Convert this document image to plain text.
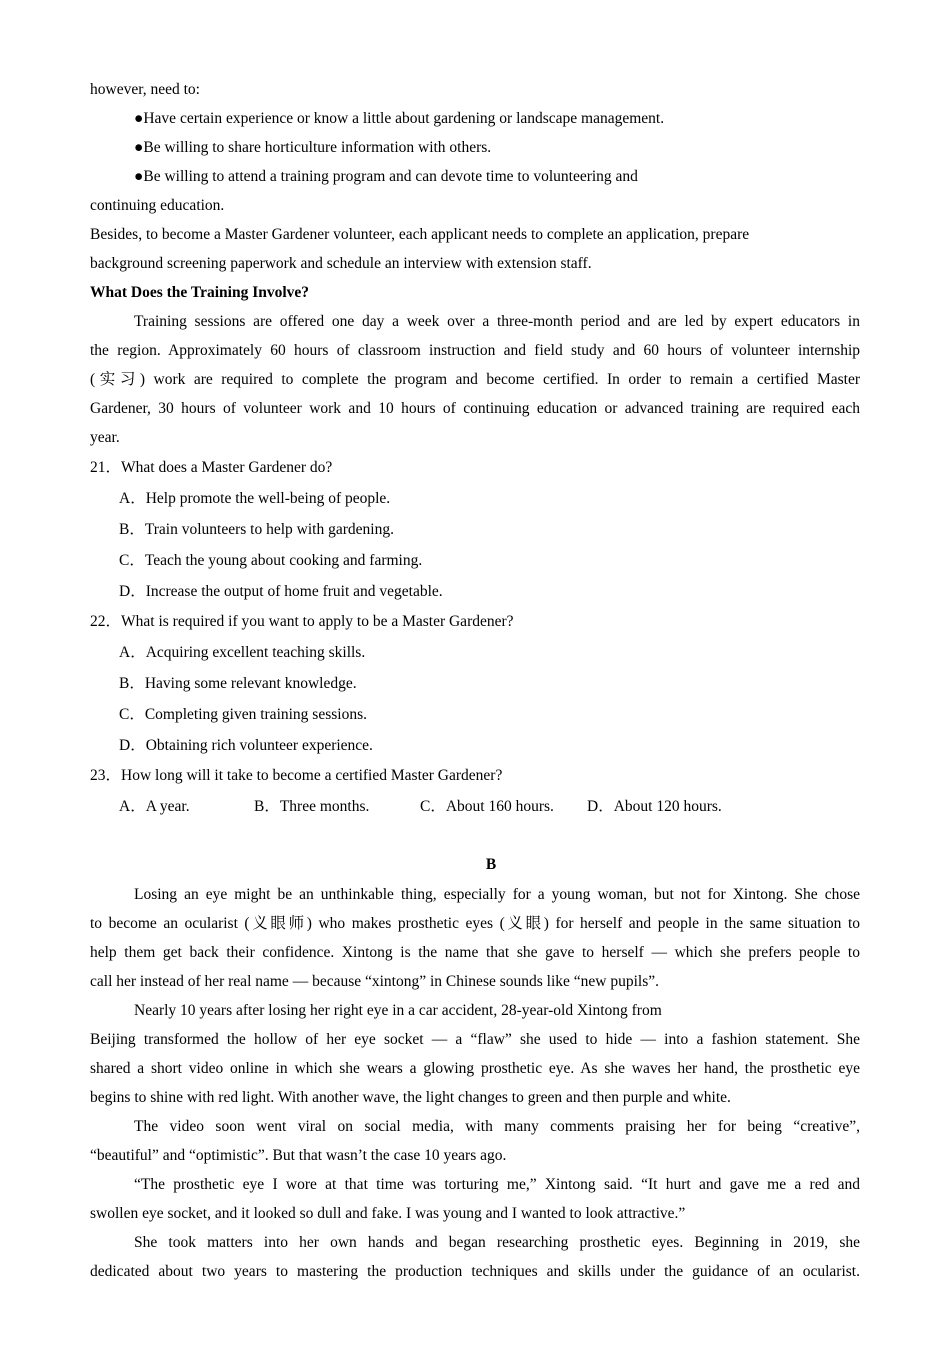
however, need to:
●Have certain experience or know a little about gardening or landscape management.
●Be willing to share horticulture information with others.
●Be willing to attend a training program and can devote time to volunteering and
continuing education.
Besides, to become a Master Gardener volunteer, each applicant needs to complete an application, prepare
background screening paperwork and schedule an interview with extension staff.
What Does the Training Involve?
Training sessions are offered one day a week over a three-month period and are led by expert educators in
the region. Approximately 60 hours of classroom instruction and field study and 60 hours of volunteer internship
(实习) work are required to complete the program and become certified. In order to remain a certified Master
Gardener, 30 hours of volunteer work and 10 hours of continuing education or advanced training are required each
year.
21．What does a Master Gardener do?
A．Help promote the well-being of people.
B．Train volunteers to help with gardening.
C．Teach the young about cooking and farming.
D．Increase the output of home fruit and vegetable.
22．What is required if you want to apply to be a Master Gardener?
A．Acquiring excellent teaching skills.
B．Having some relevant knowledge.
C．Completing given training sessions.
D．Obtaining rich volunteer experience.
23．How long will it take to become a certified Master Gardener?
A．A year.	B．Three months.	C．About 160 hours. D．About 120 hours.
B
Losing an eye might be an unthinkable thing, especially for a young woman, but not for Xintong. She chose
to become an ocularist (义眼师) who makes prosthetic eyes (义眼) for herself and people in the same situation to
help them get back their confidence. Xintong is the name that she gave to herself — which she prefers people to
call her instead of her real name — because “xintong” in Chinese sounds like “new pupils”.
Nearly 10 years after losing her right eye in a car accident, 28-year-old Xintong from
Beijing transformed the hollow of her eye socket — a “flaw” she used to hide — into a fashion statement. She
shared a short video online in which she wears a glowing prosthetic eye. As she waves her hand, the prosthetic eye
begins to shine with red light. With another wave, the light changes to green and then purple and white.
The video soon went viral on social media, with many comments praising her for being “creative”,
“beautiful” and “optimistic”. But that wasn’t the case 10 years ago.
“The prosthetic eye I wore at that time was torturing me,” Xintong said. “It hurt and gave me a red and
swollen eye socket, and it looked so dull and fake. I was young and I wanted to look attractive.”
She took matters into her own hands and began researching prosthetic eyes. Beginning in 2019, she
dedicated about two years to mastering the production techniques and skills under the guidance of an ocularist.
